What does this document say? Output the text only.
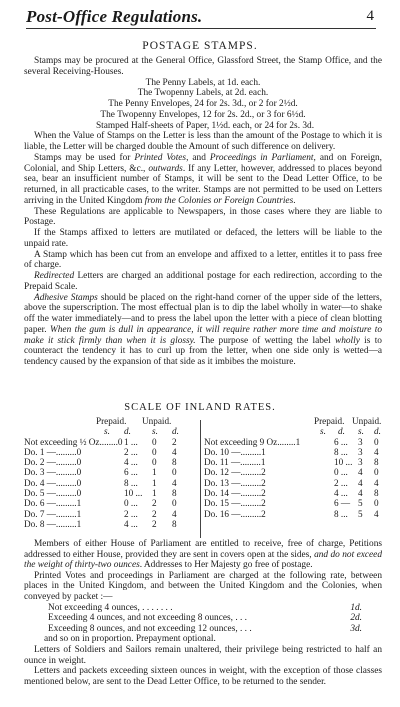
Post-Office Regulations.	4
POSTAGE STAMPS.

Stamps may be procured at the General Office, Glassford Street, the Stamp Office, and the several Receiving-Houses.

The Penny Labels, at 1d. each.

The Twopenny Labels, at 2d. each.

The Penny Envelopes, 24 for 2s. 3d., or 2 for 2½d.

The Twopenny Envelopes, 12 for 2s. 2d., or 3 for 6½d.

Stamped Half-sheets of Paper, 1½d. each, or 24 for 2s. 3d.

When the Value of Stamps on the Letter is less than the amount of the Postage to which it is liable, the Letter will be charged double the Amount of such difference on delivery.

Stamps may be used for Printed Votes, and Proceedings in Parliament, and on Foreign, Colonial, and Ship Letters, &c., outwards. If any Letter, however, addressed to places beyond sea, bear an insufficient number of Stamps, it will be sent to the Dead Letter Office, to be returned, in all practicable cases, to the writer. Stamps are not permitted to be used on Letters arriving in the United Kingdom from the Colonies or Foreign Countries.

These Regulations are applicable to Newspapers, in those cases where they are liable to Postage.

If the Stamps affixed to letters are mutilated or defaced, the letters will be liable to the unpaid rate.

A Stamp which has been cut from an envelope and affixed to a letter, entitles it to pass free of charge.

Redirected Letters are charged an additional postage for each redirection, according to the Prepaid Scale.

Adhesive Stamps should be placed on the right-hand corner of the upper side of the letters, above the superscription. The most effectual plan is to dip the label wholly in water—to shake off the water immediately—and to press the label upon the letter with a piece of clean blotting paper. When the gum is dull in appearance, it will require rather more time and moisture to make it stick firmly than when it is glossy. The purpose of wetting the label wholly is to counteract the tendency it has to curl up from the letter, when one side only is wetted—a tendency caused by the expansion of that side as it imbibes the moisture.

SCALE OF INLAND RATES.
Prepaid. Unpaid.
s. d. s. d.
Not exceeding ½ Oz........0 1 ... 0 2
Do. 1 —.........0	2 ... 0 4
Do. 2 —.........0	4 ... 0 8
Do. 3 —.........0	6 ... 1 0
Do. 4 —.........0	8 ... 1 4
Do. 5 —.........0	10 ... 1 8
Do. 6 —.........1	0 ... 2 0
Do. 7 —.........1	2 ... 2 4
Do. 8 —.........1	4 ... 2 8
Prepaid. Unpaid.
s. d. s. d.
Not exceeding 9 Oz........1	6 ... 3 0
Do. 10 —.........1	8 ... 3 4
Do. 11 —.........1	10 ... 3 8
Do. 12 —.........2	0 ... 4 0
Do. 13 —.........2	2 ... 4 4
Do. 14 —.........2	4 ... 4 8
Do. 15 —.........2	6 — 5 0
Do. 16 —.........2	8 ... 5 4

Members of either House of Parliament are entitled to receive, free of charge, Petitions addressed to either House, provided they are sent in covers open at the sides, and do not exceed the weight of thirty-two ounces. Addresses to Her Majesty go free of postage.

Printed Votes and proceedings in Parliament are charged at the following rate, between places in the United Kingdom, and between the United Kingdom and the Colonies, when conveyed by packet :—

Not exceeding 4 ounces, . . . . . . .	1d.
Exceeding 4 ounces, and not exceeding 8 ounces, . . .	2d.
Exceeding 8 ounces, and not exceeding 12 ounces, . . .	3d.

and so on in proportion. Prepayment optional.

Letters of Soldiers and Sailors remain unaltered, their privilege being restricted to half an ounce in weight.

Letters and packets exceeding sixteen ounces in weight, with the exception of those classes mentioned below, are sent to the Dead Letter Office, to be returned to the sender.
